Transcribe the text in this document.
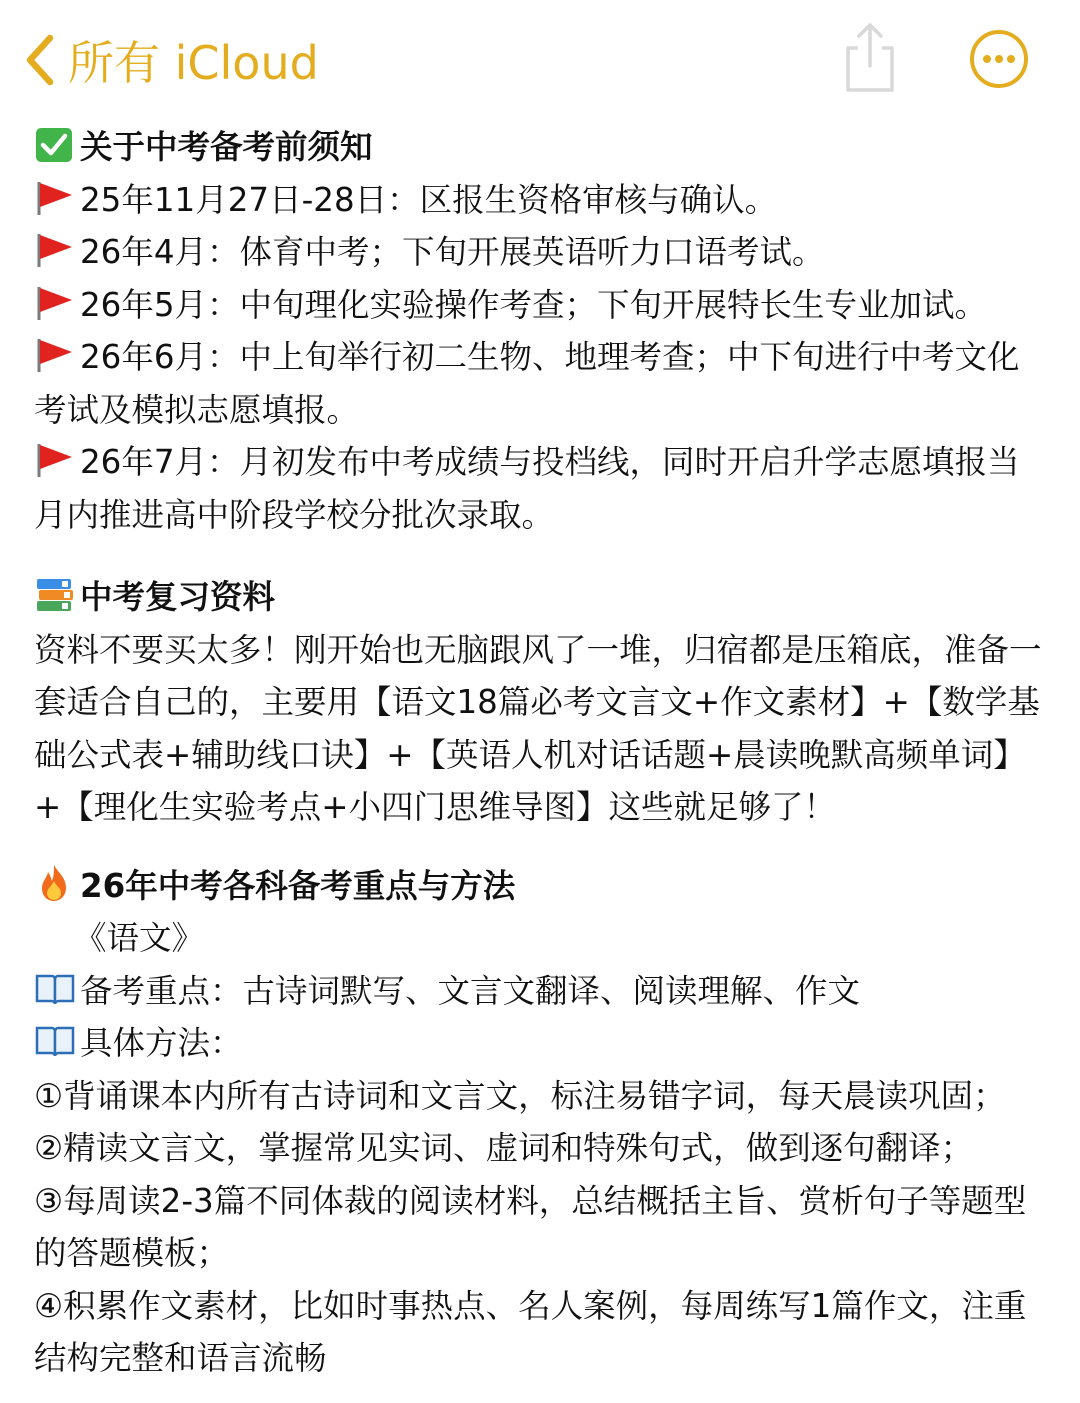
所有 iCloud
关于中考备考前须知
25年11月27日-28日：区报生资格审核与确认。
26年4月：体育中考；下旬开展英语听力口语考试。
26年5月：中旬理化实验操作考查；下旬开展特长生专业加试。
26年6月：中上旬举行初二生物、地理考查；中下旬进行中考文化考试及模拟志愿填报。
26年7月：月初发布中考成绩与投档线，同时开启升学志愿填报当月内推进高中阶段学校分批次录取。
中考复习资料
资料不要买太多！刚开始也无脑跟风了一堆，归宿都是压箱底，准备一套适合自己的，主要用【语文18篇必考文言文+作文素材】+【数学基础公式表+辅助线口诀】+【英语人机对话话题+晨读晚默高频单词】+【理化生实验考点+小四门思维导图】这些就足够了！
26年中考各科备考重点与方法
《语文》
备考重点：古诗词默写、文言文翻译、阅读理解、作文
具体方法：
①背诵课本内所有古诗词和文言文，标注易错字词，每天晨读巩固；
②精读文言文，掌握常见实词、虚词和特殊句式，做到逐句翻译；
③每周读2-3篇不同体裁的阅读材料，总结概括主旨、赏析句子等题型的答题模板；
④积累作文素材，比如时事热点、名人案例，每周练写1篇作文，注重结构完整和语言流畅
